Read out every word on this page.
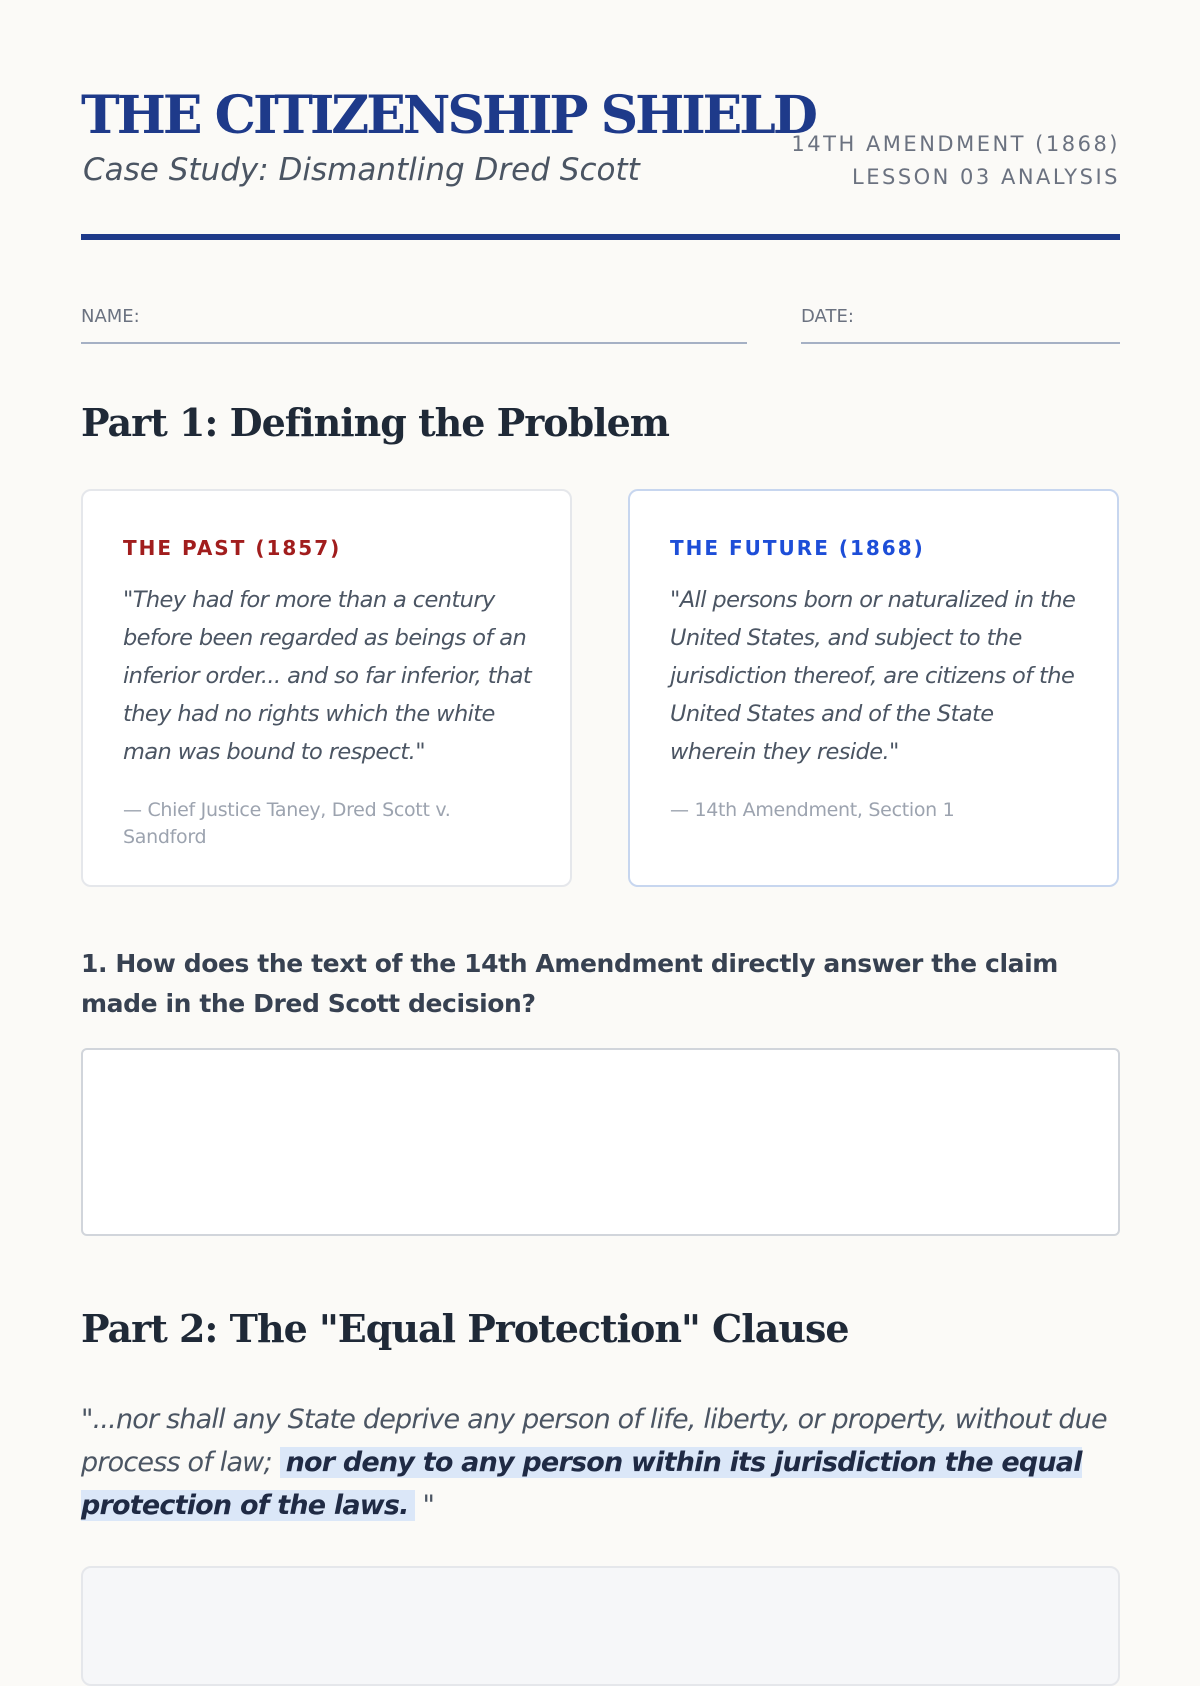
THE CITIZENSHIP SHIELD

Case Study: Dismantling Dred Scott

14TH AMENDMENT (1868)
LESSON 03 ANALYSIS
NAME:	DATE:
Part 1: Defining the Problem
THE PAST (1857)

"They had for more than a century before been regarded as beings of an inferior order... and so far inferior, that they had no rights which the white man was bound to respect."

— Chief Justice Taney, Dred Scott v. Sandford
THE FUTURE (1868)

"All persons born or naturalized in the United States, and subject to the jurisdiction thereof, are citizens of the United States and of the State wherein they reside."

— 14th Amendment, Section 1

1. How does the text of the 14th Amendment directly answer the claim made in the Dred Scott decision?

Part 2: The "Equal Protection" Clause

"...nor shall any State deprive any person of life, liberty, or property, without due process of law; nor deny to any person within its jurisdiction the equal protection of the laws. "
